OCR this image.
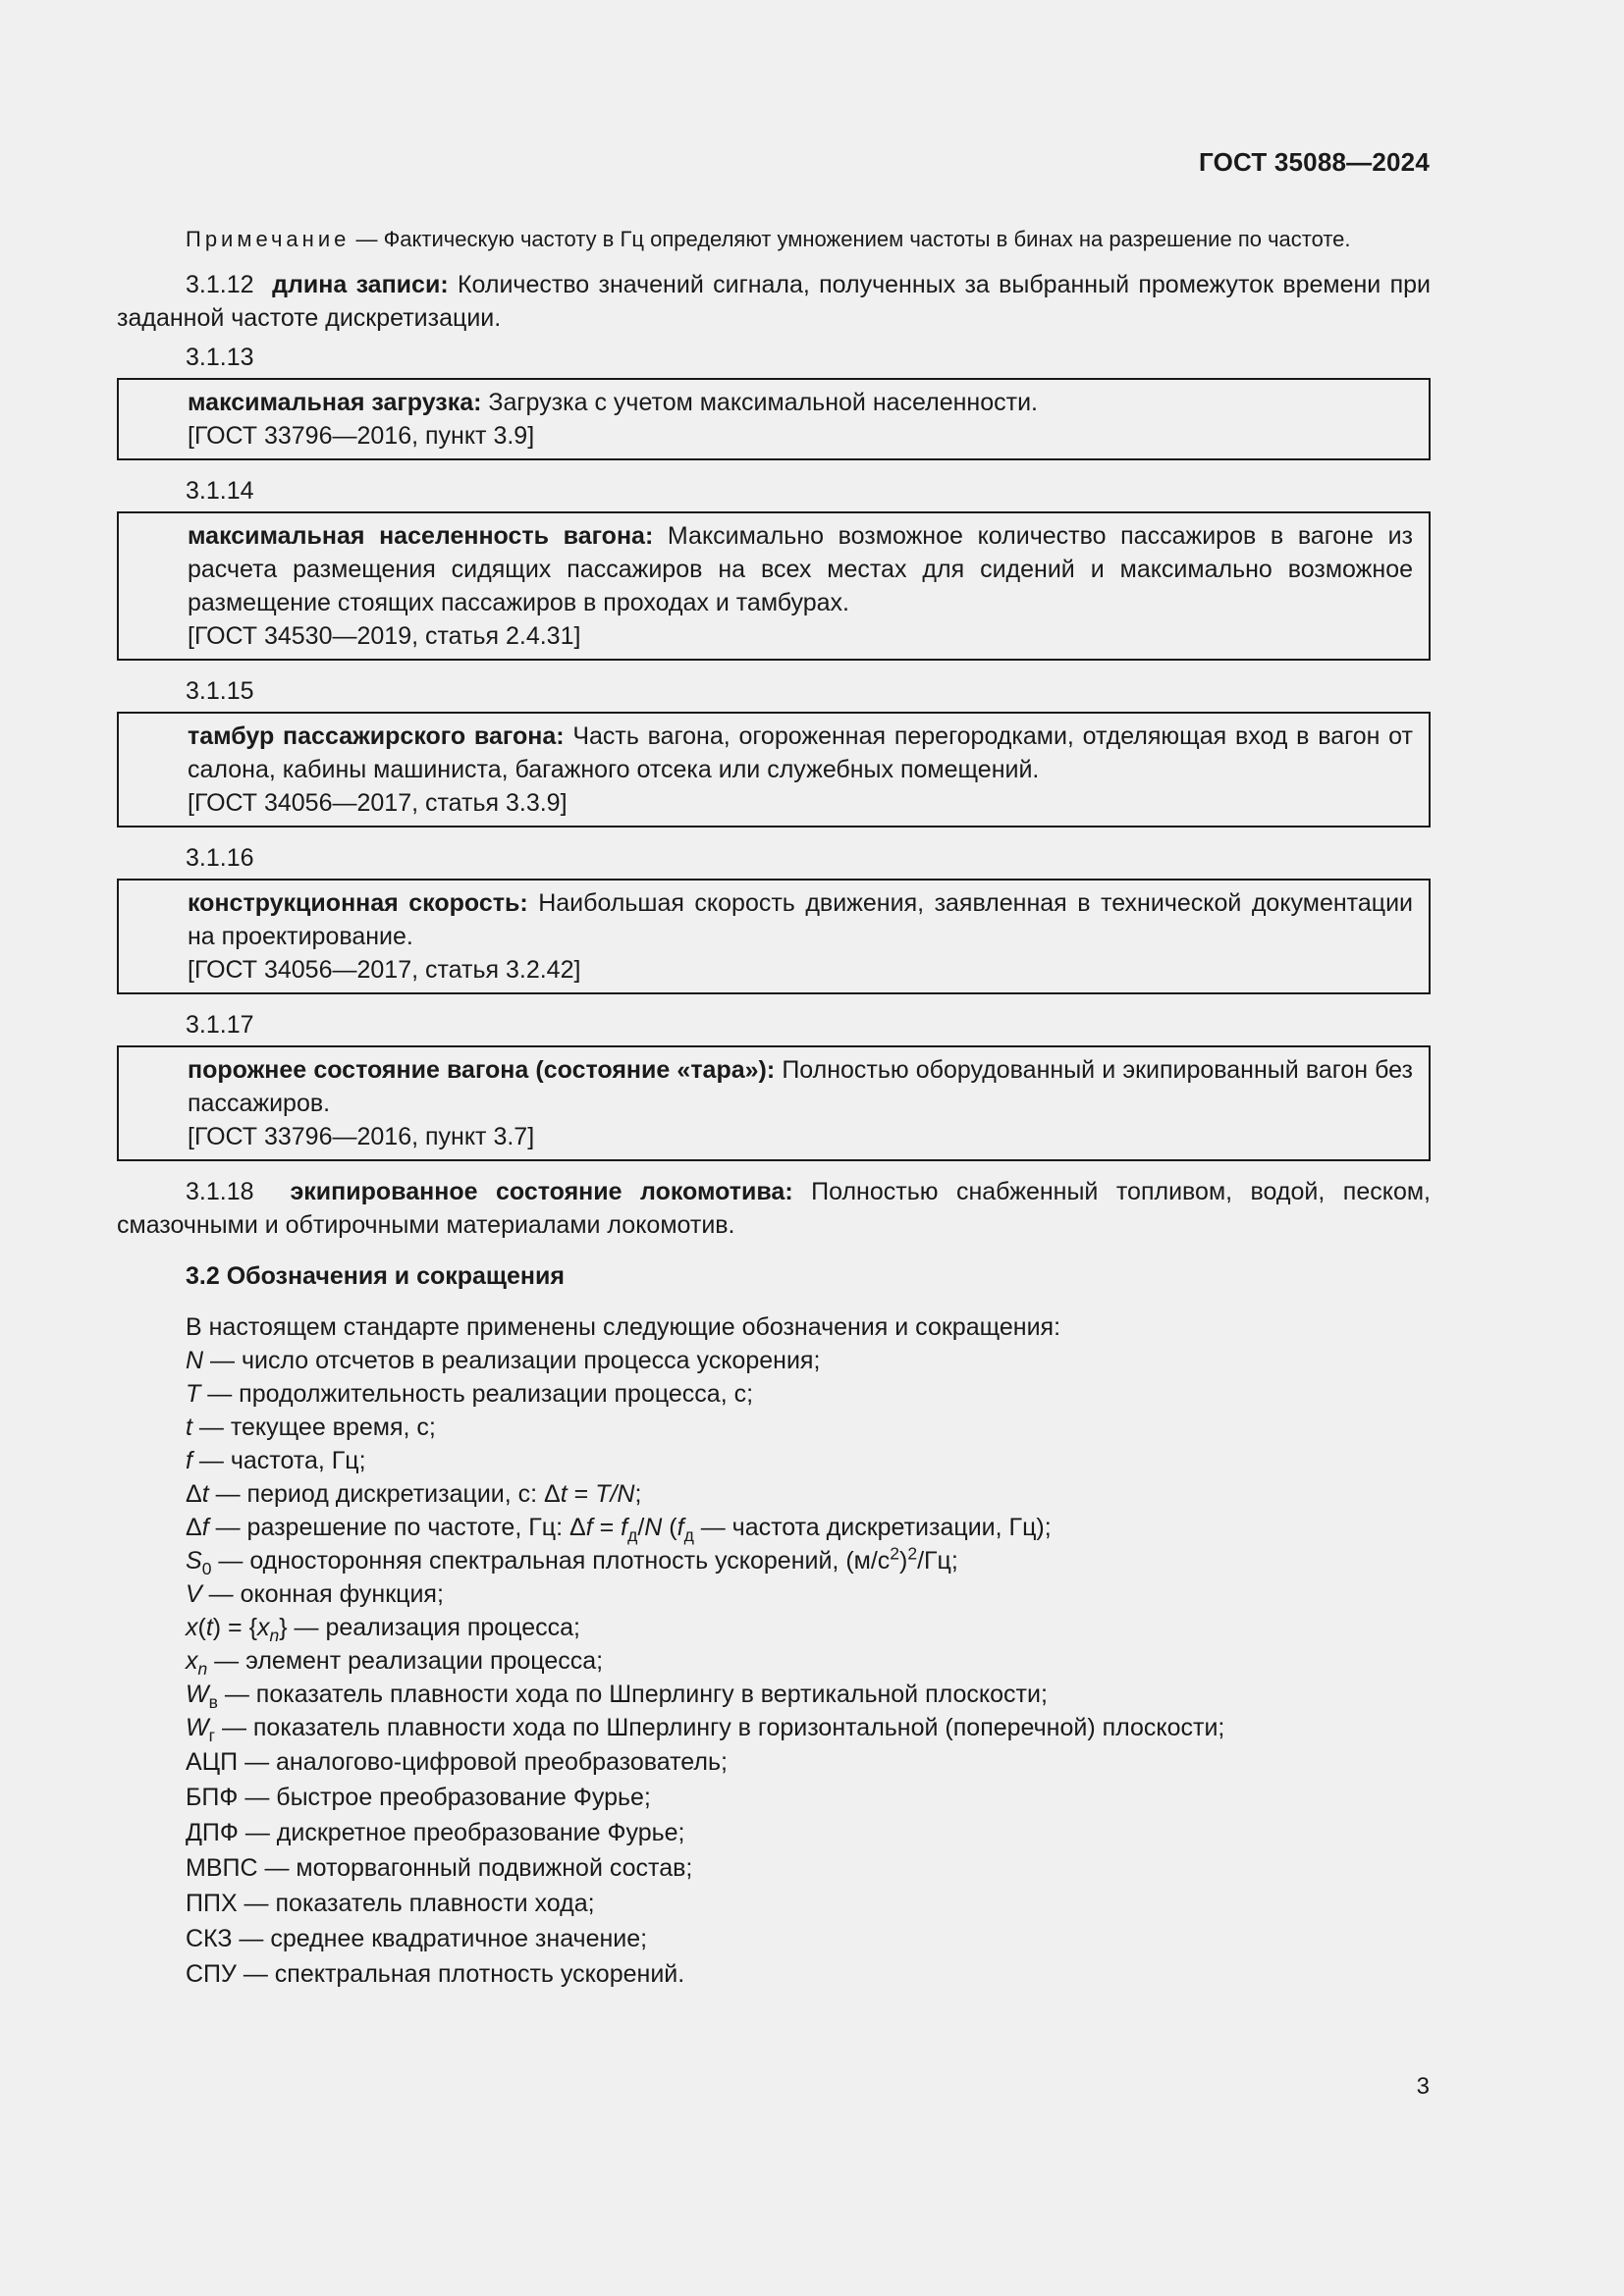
ГОСТ 35088—2024

Примечание — Фактическую частоту в Гц определяют умножением частоты в бинах на разрешение по частоте.

3.1.12 длина записи: Количество значений сигнала, полученных за выбранный промежуток времени при заданной частоте дискретизации.

3.1.13

максимальная загрузка: Загрузка с учетом максимальной населенности.

[ГОСТ 33796—2016, пункт 3.9]

3.1.14

максимальная населенность вагона: Максимально возможное количество пассажиров в вагоне из расчета размещения сидящих пассажиров на всех местах для сидений и максимально возможное размещение стоящих пассажиров в проходах и тамбурах.

[ГОСТ 34530—2019, статья 2.4.31]

3.1.15

тамбур пассажирского вагона: Часть вагона, огороженная перегородками, отделяющая вход в вагон от салона, кабины машиниста, багажного отсека или служебных помещений.

[ГОСТ 34056—2017, статья 3.3.9]

3.1.16

конструкционная скорость: Наибольшая скорость движения, заявленная в технической документации на проектирование.

[ГОСТ 34056—2017, статья 3.2.42]

3.1.17

порожнее состояние вагона (состояние «тара»): Полностью оборудованный и экипированный вагон без пассажиров.

[ГОСТ 33796—2016, пункт 3.7]

3.1.18 экипированное состояние локомотива: Полностью снабженный топливом, водой, песком, смазочными и обтирочными материалами локомотив.

3.2 Обозначения и сокращения

В настоящем стандарте применены следующие обозначения и сокращения:

N — число отсчетов в реализации процесса ускорения;

T — продолжительность реализации процесса, с;

t — текущее время, с;

f — частота, Гц;

Δt — период дискретизации, с: Δt = T/N;

Δf — разрешение по частоте, Гц: $\Delta f = f_д/N$ ($f_д$ — частота дискретизации, Гц);

$S_0$ — односторонняя спектральная плотность ускорений, $(м/с^2)^2/Гц$;

V — оконная функция;

$x(t) = \{x_n\}$ — реализация процесса;

$x_n$ — элемент реализации процесса;

$W_в$ — показатель плавности хода по Шперлингу в вертикальной плоскости;

$W_г$ — показатель плавности хода по Шперлингу в горизонтальной (поперечной) плоскости;

АЦП — аналогово-цифровой преобразователь;

БПФ — быстрое преобразование Фурье;

ДПФ — дискретное преобразование Фурье;

МВПС — моторвагонный подвижной состав;

ППХ — показатель плавности хода;

СКЗ — среднее квадратичное значение;

СПУ — спектральная плотность ускорений.

3
